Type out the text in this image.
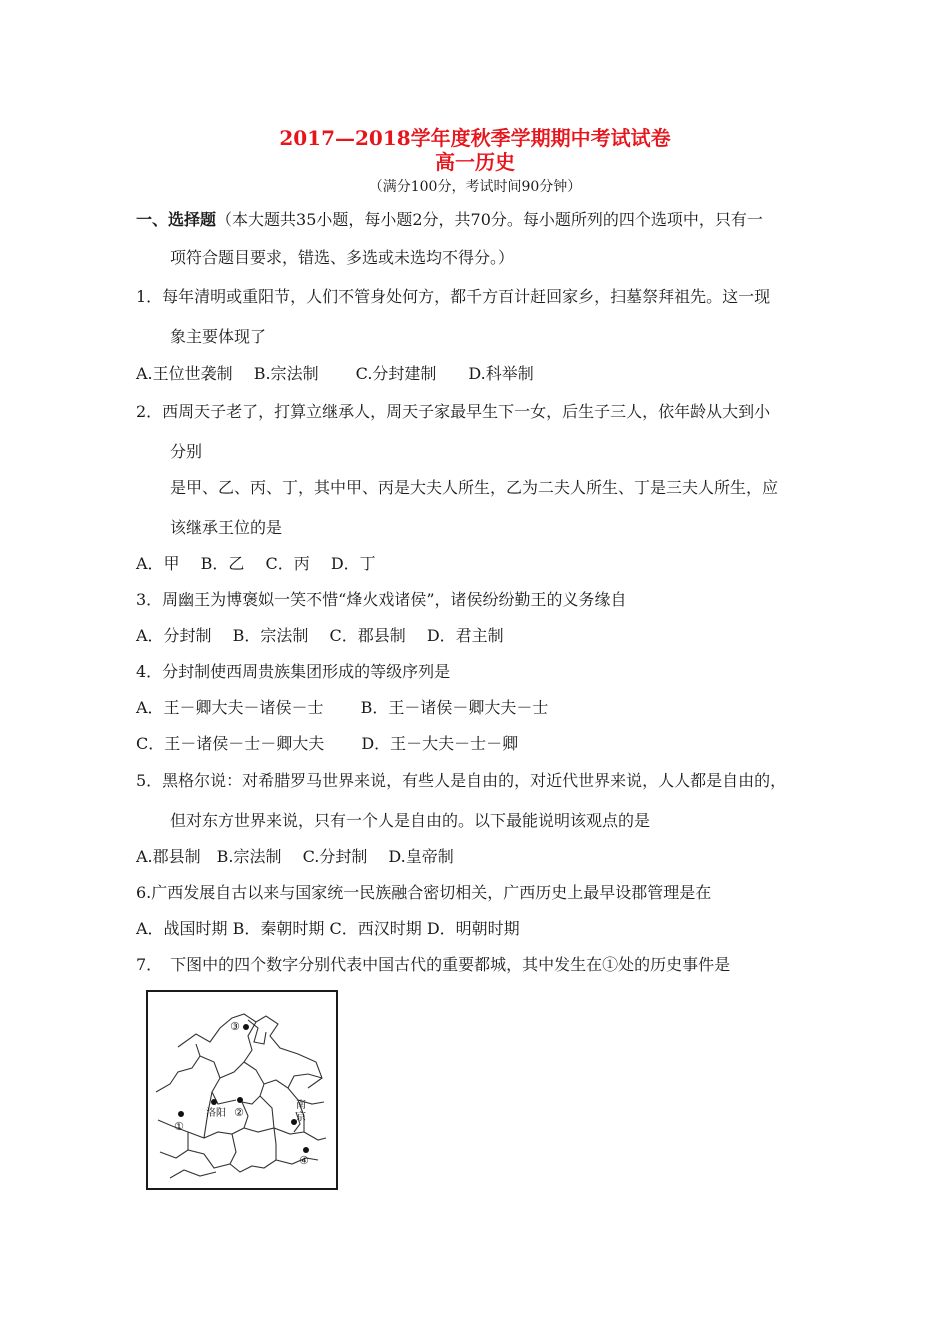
2017—2018学年度秋季学期期中考试试卷
高一历史
（满分100分，考试时间90分钟）
一、选择题（本大题共35小题，每小题2分，共70分。每小题所列的四个选项中，只有一
项符合题目要求，错选、多选或未选均不得分。）
1．每年清明或重阳节，人们不管身处何方，都千方百计赶回家乡，扫墓祭拜祖先。这一现
象主要体现了
A.王位世袭制　 B.宗法制　　 C.分封建制　　D.科举制
2．西周天子老了，打算立继承人，周天子家最早生下一女，后生子三人，依年龄从大到小
分别
是甲、乙、丙、丁，其中甲、丙是大夫人所生，乙为二夫人所生、丁是三夫人所生，应
该继承王位的是
A．甲　 B．乙　 C．丙　 D．丁
3．周幽王为博褒姒一笑不惜“烽火戏诸侯”，诸侯纷纷勤王的义务缘自
A．分封制　 B．宗法制　 C．郡县制　 D．君主制
4．分封制使西周贵族集团形成的等级序列是
A．王－卿大夫－诸侯－士　　 B．王－诸侯－卿大夫－士
C．王－诸侯－士－卿大夫　　 D．王－大夫－士－卿
5．黑格尔说：对希腊罗马世界来说，有些人是自由的，对近代世界来说，人人都是自由的，
但对东方世界来说，只有一个人是自由的。以下最能说明该观点的是
A.郡县制　B.宗法制　 C.分封制　 D.皇帝制
6.广西发展自古以来与国家统一民族融合密切相关，广西历史上最早设郡管理是在
A．战国时期 B．秦朝时期 C．西汉时期 D．明朝时期
7．　下图中的四个数字分别代表中国古代的重要都城，其中发生在①处的历史事件是
①
②
③
④
洛阳
南
京
